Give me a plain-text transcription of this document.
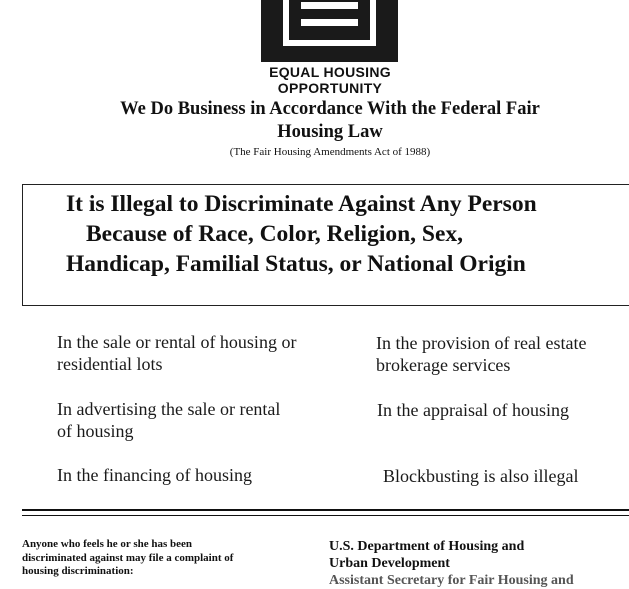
EQUAL HOUSING
OPPORTUNITY
We Do Business in Accordance With the Federal Fair
Housing Law
(The Fair Housing Amendments Act of 1988)
It is Illegal to Discriminate Against Any Person
Because of Race, Color, Religion, Sex,
Handicap, Familial Status, or National Origin
In the sale or rental of housing or
residential lots
In advertising the sale or rental
of housing
In the financing of housing
In the provision of real estate
brokerage services
In the appraisal of housing
Blockbusting is also illegal
Anyone who feels he or she has been
discriminated against may file a complaint of
housing discrimination:
U.S. Department of Housing and
Urban Development
Assistant Secretary for Fair Housing and
